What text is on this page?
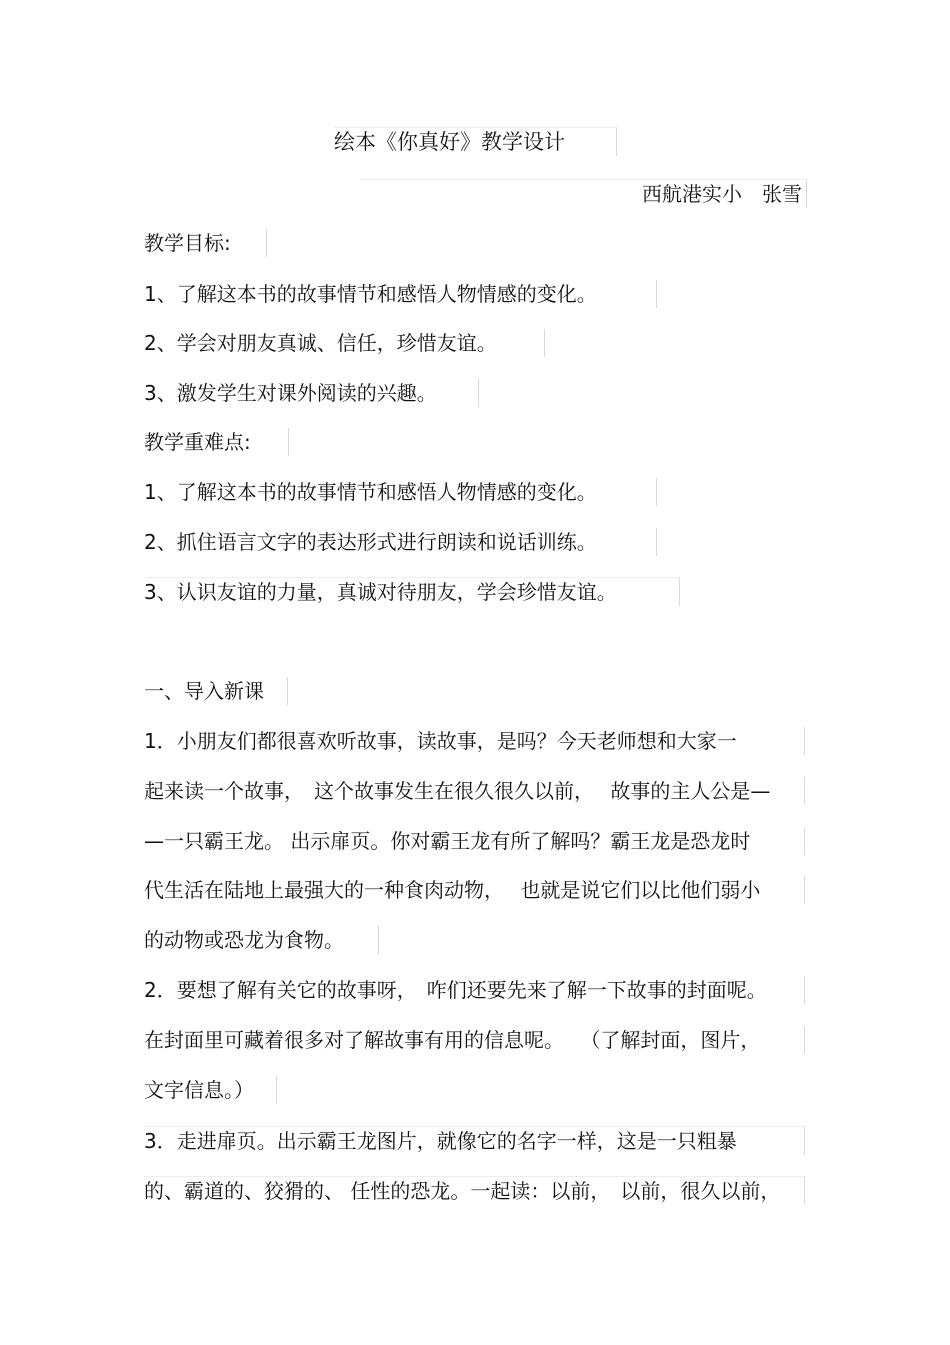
绘本《你真好》教学设计
西航港实小　张雪
教学目标:
1、了解这本书的故事情节和感悟人物情感的变化。
2、学会对朋友真诚、信任，珍惜友谊。
3、激发学生对课外阅读的兴趣。
教学重难点:
1、了解这本书的故事情节和感悟人物情感的变化。
2、抓住语言文字的表达形式进行朗读和说话训练。
3、认识友谊的力量，真诚对待朋友，学会珍惜友谊。
一、导入新课
1．小朋友们都很喜欢听故事，读故事，是吗？今天老师想和大家一
起来读一个故事，　这个故事发生在很久很久以前，　 故事的主人公是—
—一只霸王龙。 出示扉页。你对霸王龙有所了解吗？霸王龙是恐龙时
代生活在陆地上最强大的一种食肉动物，　 也就是说它们以比他们弱小
的动物或恐龙为食物。
2．要想了解有关它的故事呀，　咋们还要先来了解一下故事的封面呢。
在封面里可藏着很多对了解故事有用的信息呢。　 （了解封面，图片，
文字信息。）
3．走进扉页。出示霸王龙图片，就像它的名字一样，这是一只粗暴
的、霸道的、狡猾的、 任性的恐龙。一起读：以前，　以前，很久以前，
